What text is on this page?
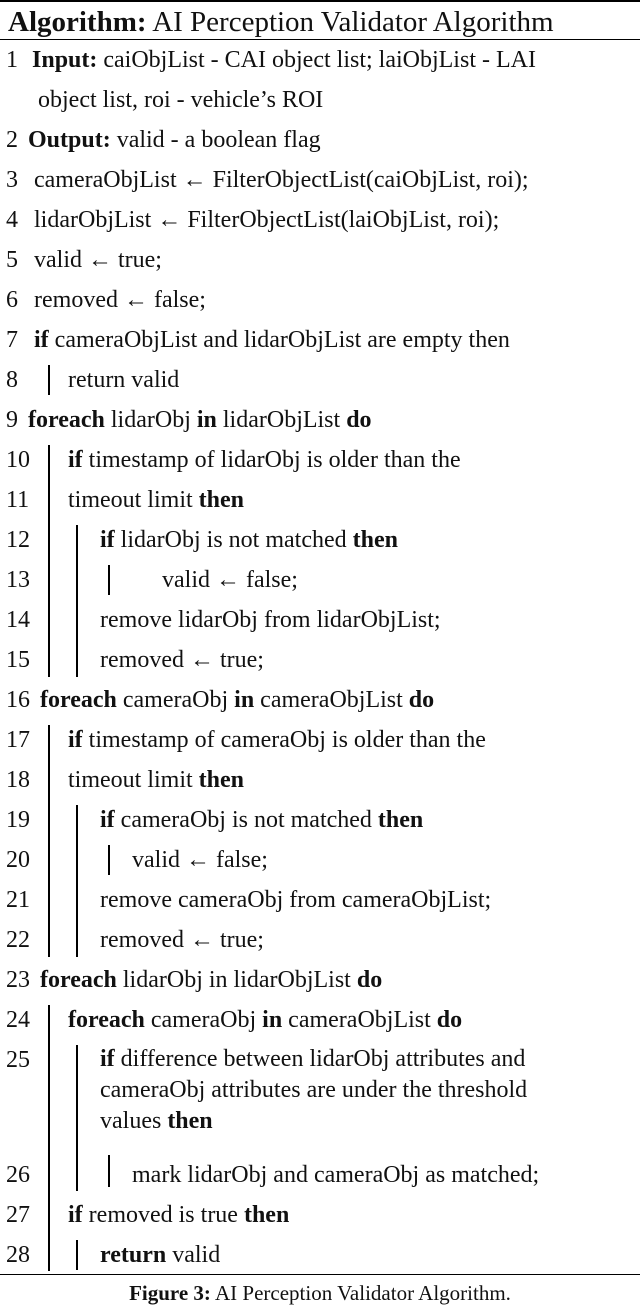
Algorithm: AI Perception Validator Algorithm
1 Input: caiObjList - CAI object list; laiObjList - LAI
object list, roi - vehicle’s ROI
2 Output: valid - a boolean flag
3 cameraObjList ← FilterObjectList(caiObjList, roi);
4 lidarObjList ← FilterObjectList(laiObjList, roi);
5 valid ← true;
6 removed ← false;
7 if cameraObjList and lidarObjList are empty then
8 return valid
9 foreach lidarObj in lidarObjList do
10 if timestamp of lidarObj is older than the
11 timeout limit then
12	if lidarObj is not matched then
13	valid ← false;
14	remove lidarObj from lidarObjList;
15	removed ← true;
16 foreach cameraObj in cameraObjList do
17 if timestamp of cameraObj is older than the
18 timeout limit then
19	if cameraObj is not matched then
20	valid ← false;
21	remove cameraObj from cameraObjList;
22	removed ← true;
23 foreach lidarObj in lidarObjList do
24 foreach cameraObj in cameraObjList do
25	if difference between lidarObj attributes and cameraObj attributes are under the threshold values then
26	mark lidarObj and cameraObj as matched;
27 if removed is true then
28	return valid
Figure 3: AI Perception Validator Algorithm.
